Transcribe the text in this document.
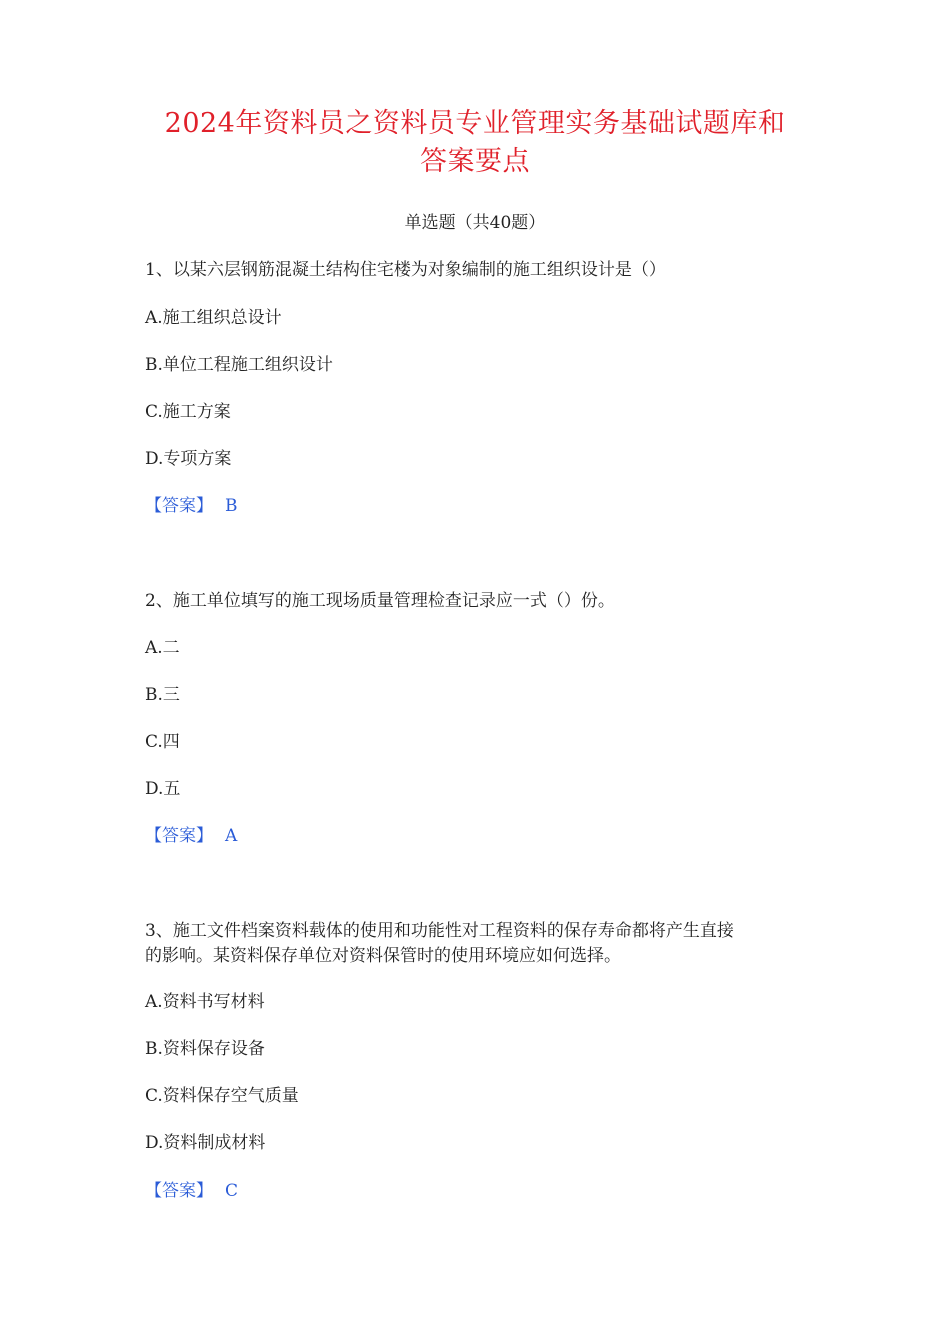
2024年资料员之资料员专业管理实务基础试题库和
答案要点
单选题（共40题）
1、以某六层钢筋混凝土结构住宅楼为对象编制的施工组织设计是（）
A.施工组织总设计
B.单位工程施工组织设计
C.施工方案
D.专项方案
【答案】 B
2、施工单位填写的施工现场质量管理检查记录应一式（）份。
A.二
B.三
C.四
D.五
【答案】 A
3、施工文件档案资料载体的使用和功能性对工程资料的保存寿命都将产生直接
的影响。某资料保存单位对资料保管时的使用环境应如何选择。
A.资料书写材料
B.资料保存设备
C.资料保存空气质量
D.资料制成材料
【答案】 C
